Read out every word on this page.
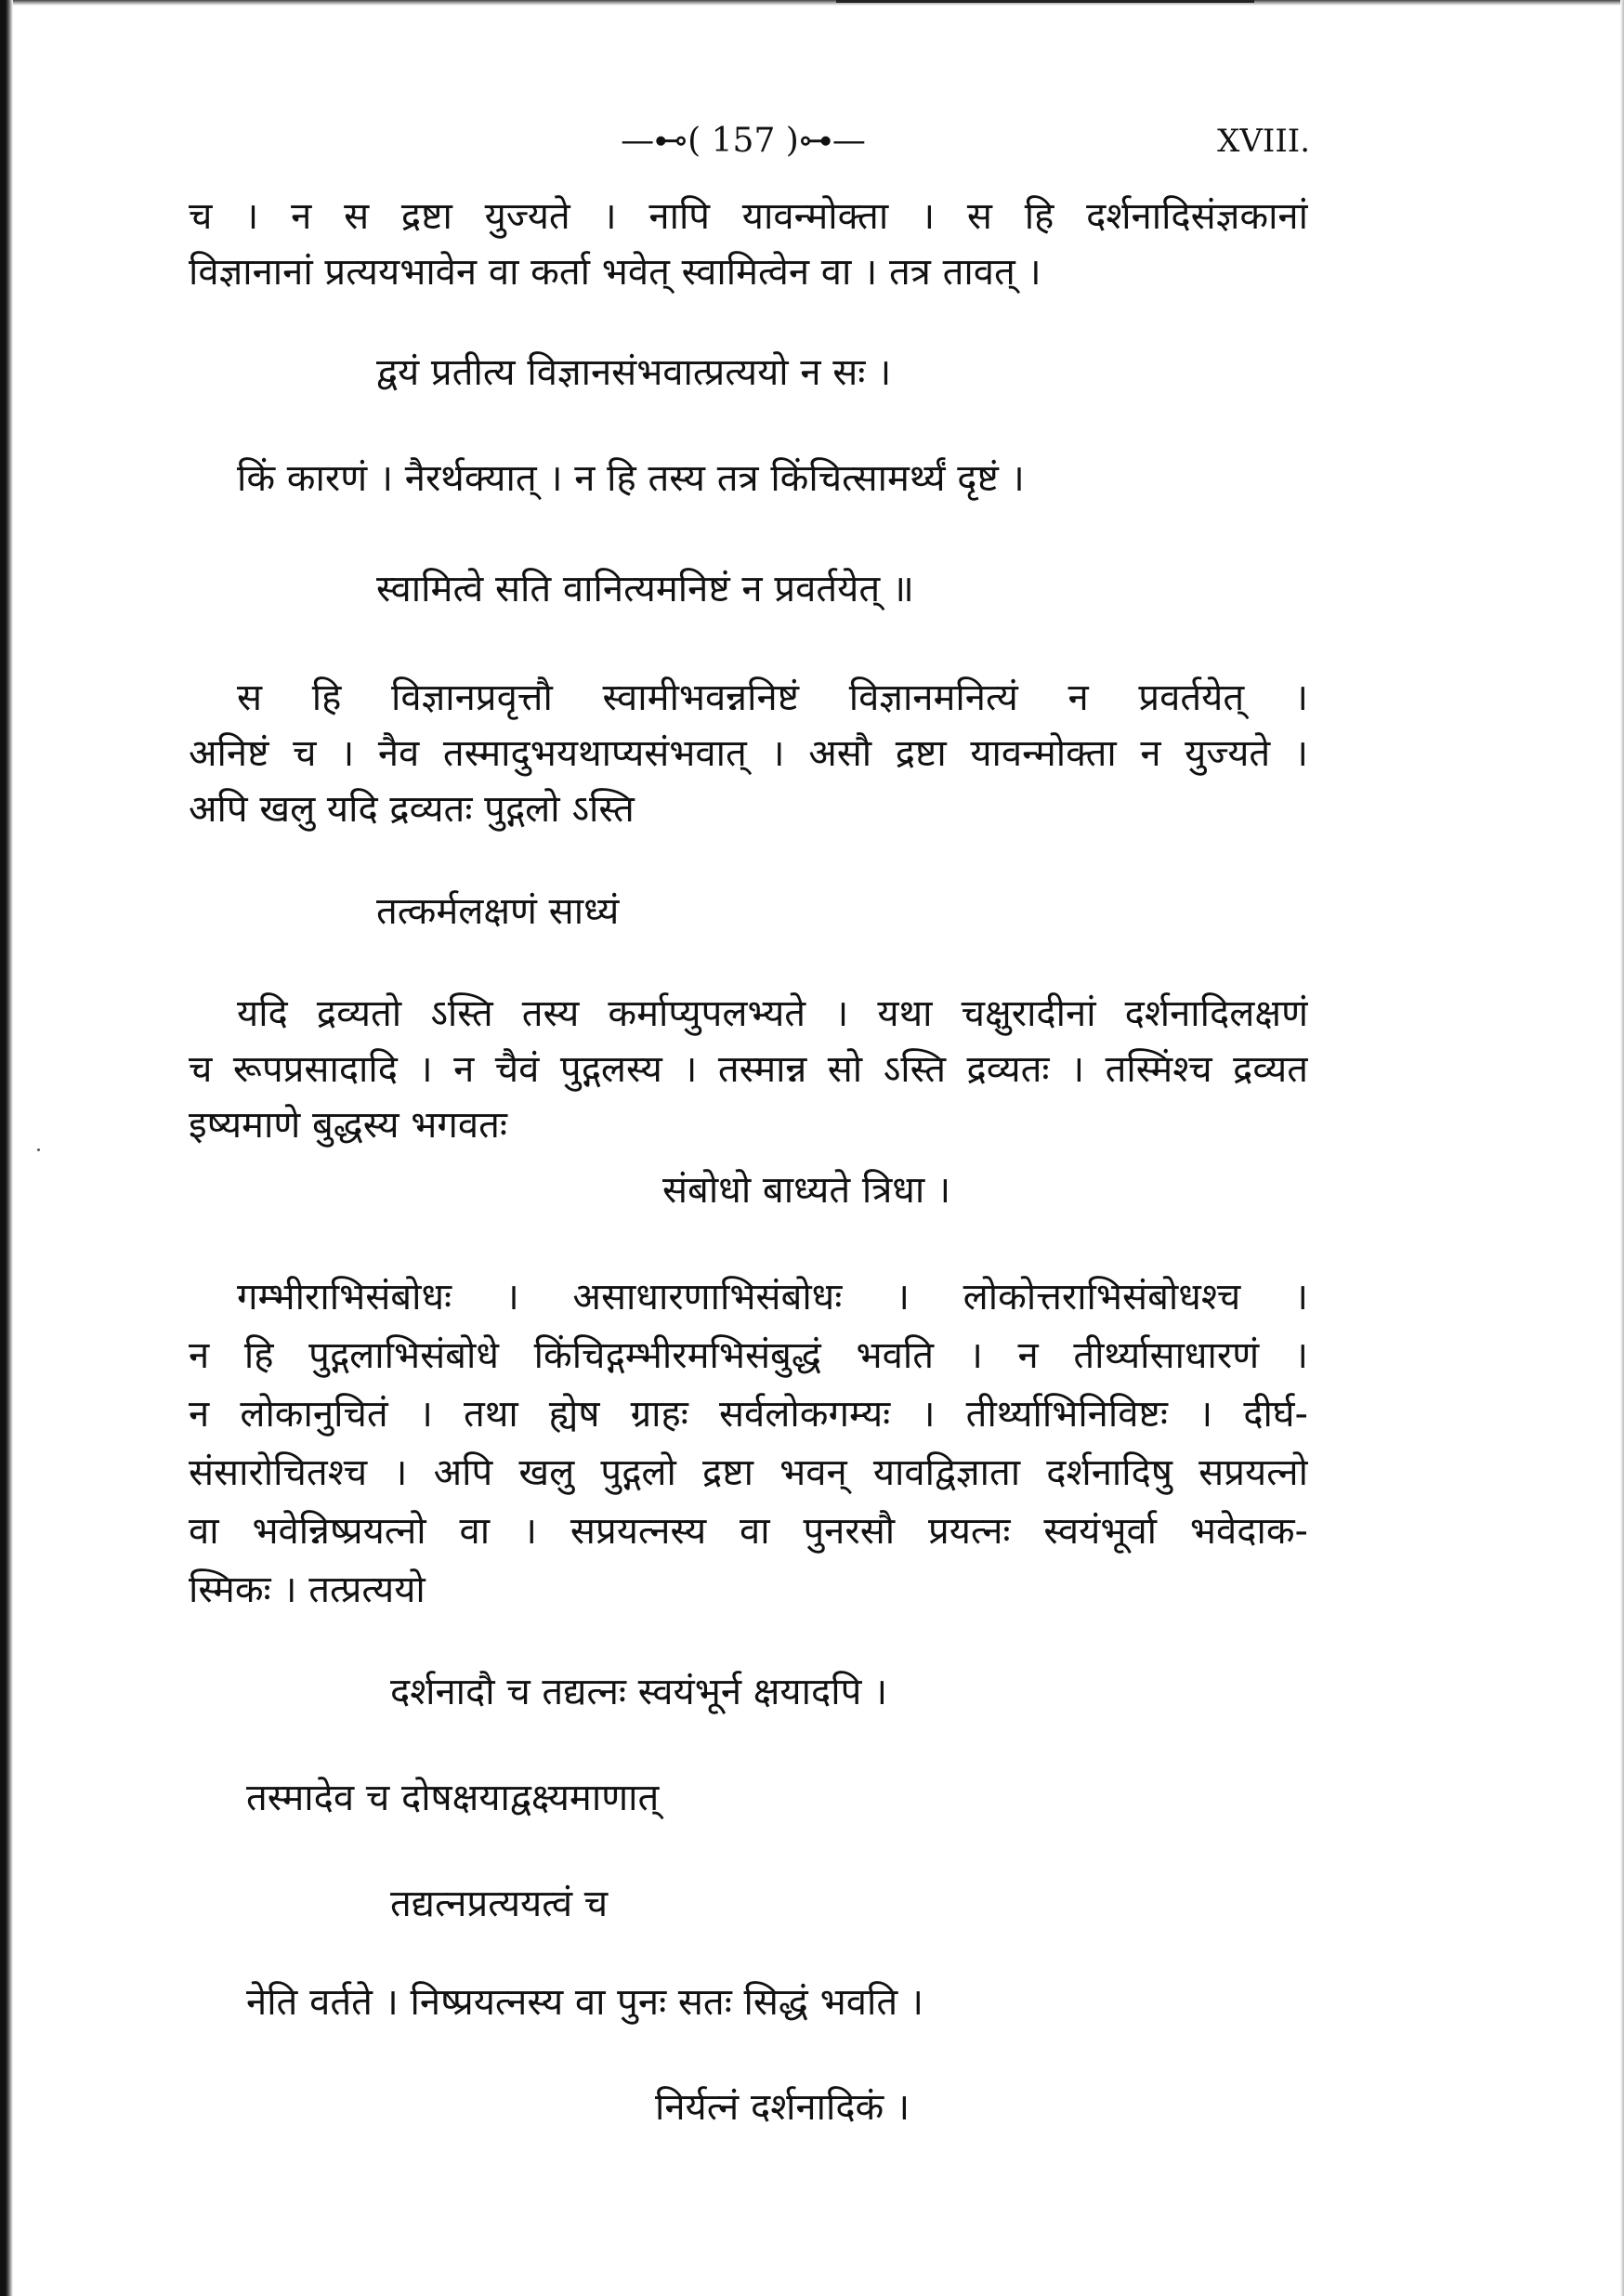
—⊷( 157 )⊶—	XVIII.

च । न स द्रष्टा युज्यते । नापि यावन्मोक्ता । स हि दर्शनादिसंज्ञकानां

विज्ञानानां प्रत्ययभावेन वा कर्ता भवेत् स्वामित्वेन वा । तत्र तावत् ।

द्वयं प्रतीत्य विज्ञानसंभवात्प्रत्ययो न सः ।

किं कारणं । नैरर्थक्यात् । न हि तस्य तत्र किंचित्सामर्थ्यं दृष्टं ।

स्वामित्वे सति वानित्यमनिष्टं न प्रवर्तयेत् ॥

स हि विज्ञानप्रवृत्तौ स्वामीभवन्ननिष्टं विज्ञानमनित्यं न प्रवर्तयेत् ।

अनिष्टं च । नैव तस्मादुभयथाप्यसंभवात् । असौ द्रष्टा यावन्मोक्ता न युज्यते ।

अपि खलु यदि द्रव्यतः पुद्गलो ऽस्ति

तत्कर्मलक्षणं साध्यं

यदि द्रव्यतो ऽस्ति तस्य कर्माप्युपलभ्यते । यथा चक्षुरादीनां दर्शनादिलक्षणं

च रूपप्रसादादि । न चैवं पुद्गलस्य । तस्मान्न सो ऽस्ति द्रव्यतः । तस्मिंश्च द्रव्यत

इष्यमाणे बुद्धस्य भगवतः

संबोधो बाध्यते त्रिधा ।

गम्भीराभिसंबोधः । असाधारणाभिसंबोधः । लोकोत्तराभिसंबोधश्च ।

न हि पुद्गलाभिसंबोधे किंचिद्गम्भीरमभिसंबुद्धं भवति । न तीर्थ्यासाधारणं ।

न लोकानुचितं । तथा ह्येष ग्राहः सर्वलोकगम्यः । तीर्थ्याभिनिविष्टः । दीर्घ-

संसारोचितश्च । अपि खलु पुद्गलो द्रष्टा भवन् यावद्विज्ञाता दर्शनादिषु सप्रयत्नो

वा भवेन्निष्प्रयत्नो वा । सप्रयत्नस्य वा पुनरसौ प्रयत्नः स्वयंभूर्वा भवेदाक-

स्मिकः । तत्प्रत्ययो

दर्शनादौ च तद्यत्नः स्वयंभूर्न क्षयादपि ।

तस्मादेव च दोषक्षयाद्वक्ष्यमाणात्

तद्यत्नप्रत्ययत्वं च

नेति वर्तते । निष्प्रयत्नस्य वा पुनः सतः सिद्धं भवति ।

निर्यत्नं दर्शनादिकं ।
